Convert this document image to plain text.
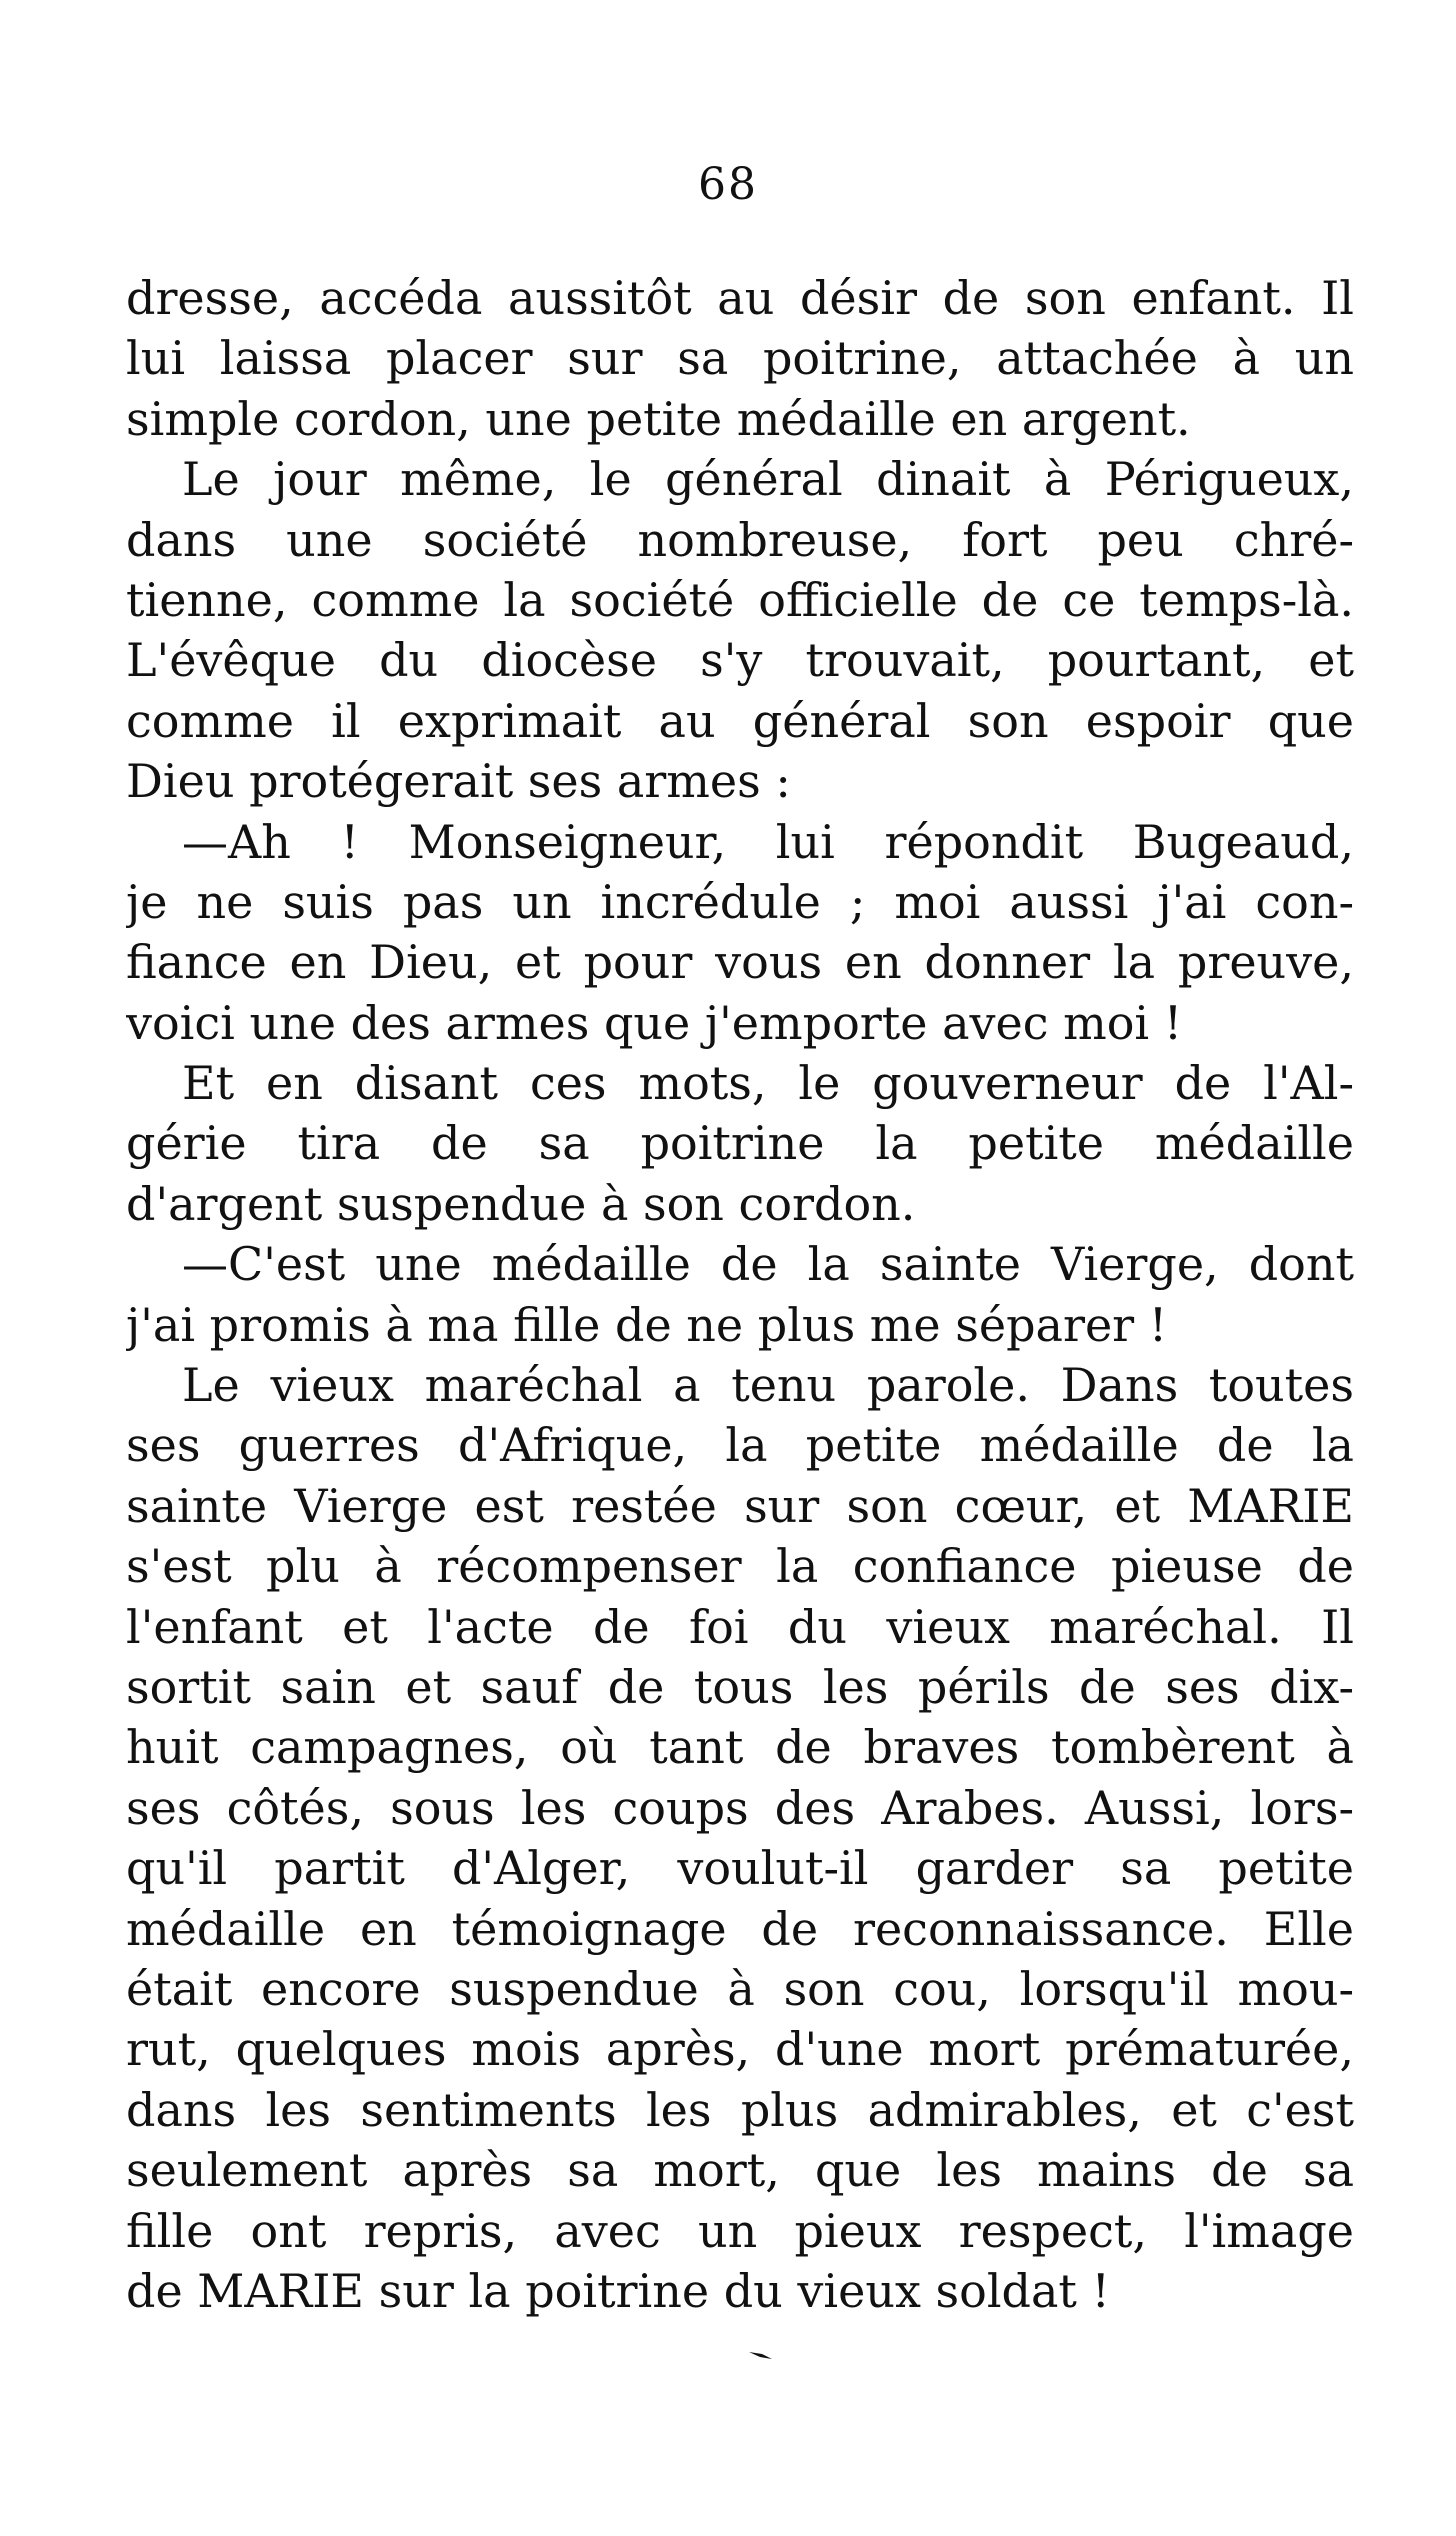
68
dresse, accéda aussitôt au désir de son enfant. Il
lui laissa placer sur sa poitrine, attachée à un
simple cordon, une petite médaille en argent.
Le jour même, le général dinait à Périgueux,
dans une société nombreuse, fort peu chré-
tienne, comme la société officielle de ce temps-là.
L'évêque du diocèse s'y trouvait, pourtant, et
comme il exprimait au général son espoir que
Dieu protégerait ses armes :
—Ah ! Monseigneur, lui répondit Bugeaud,
je ne suis pas un incrédule ; moi aussi j'ai con-
fiance en Dieu, et pour vous en donner la preuve,
voici une des armes que j'emporte avec moi !
Et en disant ces mots, le gouverneur de l'Al-
gérie tira de sa poitrine la petite médaille
d'argent suspendue à son cordon.
—C'est une médaille de la sainte Vierge, dont
j'ai promis à ma fille de ne plus me séparer !
Le vieux maréchal a tenu parole. Dans toutes
ses guerres d'Afrique, la petite médaille de la
sainte Vierge est restée sur son cœur, et MARIE
s'est plu à récompenser la confiance pieuse de
l'enfant et l'acte de foi du vieux maréchal. Il
sortit sain et sauf de tous les périls de ses dix-
huit campagnes, où tant de braves tombèrent à
ses côtés, sous les coups des Arabes. Aussi, lors-
qu'il partit d'Alger, voulut-il garder sa petite
médaille en témoignage de reconnaissance. Elle
était encore suspendue à son cou, lorsqu'il mou-
rut, quelques mois après, d'une mort prématurée,
dans les sentiments les plus admirables, et c'est
seulement après sa mort, que les mains de sa
fille ont repris, avec un pieux respect, l'image
de MARIE sur la poitrine du vieux soldat !
